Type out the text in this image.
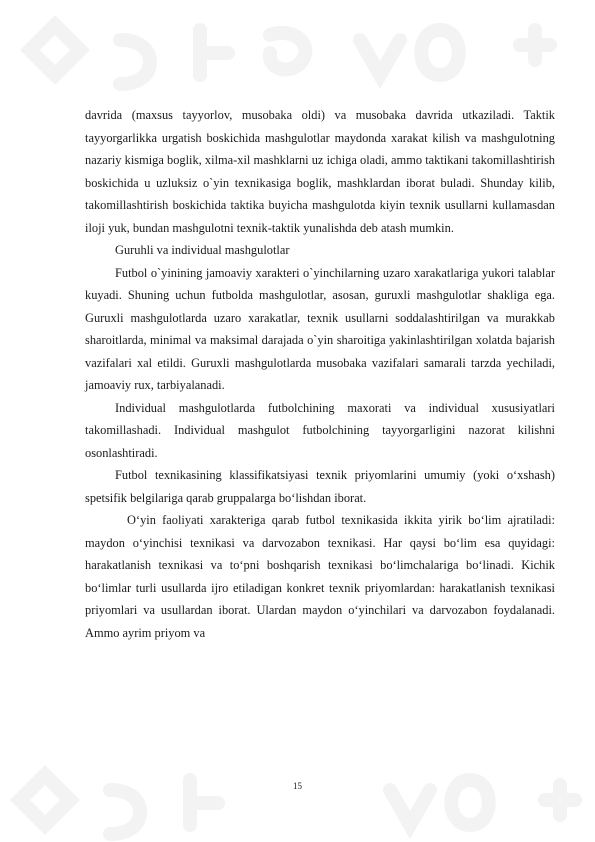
davrida (maxsus tayyorlov, musobaka oldi) va musobaka davrida utkaziladi. Taktik tayyorgarlikka urgatish boskichida mashgulotlar maydonda xarakat kilish va mashgulotning nazariy kismiga boglik, xilma-xil mashklarni uz ichiga oladi, ammo taktikani takomillashtirish boskichida u uzluksiz o`yin texnikasiga boglik, mashklardan iborat buladi. Shunday kilib, takomillashtirish boskichida taktika buyicha mashgulotda kiyin texnik usullarni kullamasdan iloji yuk, bundan mashgulotni texnik-taktik yunalishda deb atash mumkin.

Guruhli va individual mashgulotlar

Futbol o`yinining jamoaviy xarakteri o`yinchilarning uzaro xarakatlariga yukori talablar kuyadi. Shuning uchun futbolda mashgulotlar, asosan, guruxli mashgulotlar shakliga ega. Guruxli mashgulotlarda uzaro xarakatlar, texnik usullarni soddalashtirilgan va murakkab sharoitlarda, minimal va maksimal darajada o`yin sharoitiga yakinlashtirilgan xolatda bajarish vazifalari xal etildi. Guruxli mashgulotlarda musobaka vazifalari samarali tarzda yechiladi, jamoaviy rux, tarbiyalanadi.

Individual mashgulotlarda futbolchining maxorati va individual xususiyatlari takomillashadi. Individual mashgulot futbolchining tayyorgarligini nazorat kilishni osonlashtiradi.

Futbol texnikasining klassifikatsiyasi texnik priyomlarini umumiy (yoki o‘xshash) spetsifik belgilariga qarab gruppalarga bo‘lishdan iborat.

O‘yin faoliyati xarakteriga qarab futbol texnikasida ikkita yirik bo‘lim ajratiladi: maydon o‘yinchisi texnikasi va darvozabon texnikasi. Har qaysi bo‘lim esa quyidagi: harakatlanish texnikasi va to‘pni boshqarish texnikasi bo‘limchalariga bo‘linadi. Kichik bo‘limlar turli usullarda ijro etiladigan konkret texnik priyomlardan: harakatlanish texnikasi priyomlari va usullardan iborat. Ulardan maydon o‘yinchilari va darvozabon foydalanadi. Ammo ayrim priyom va

15
